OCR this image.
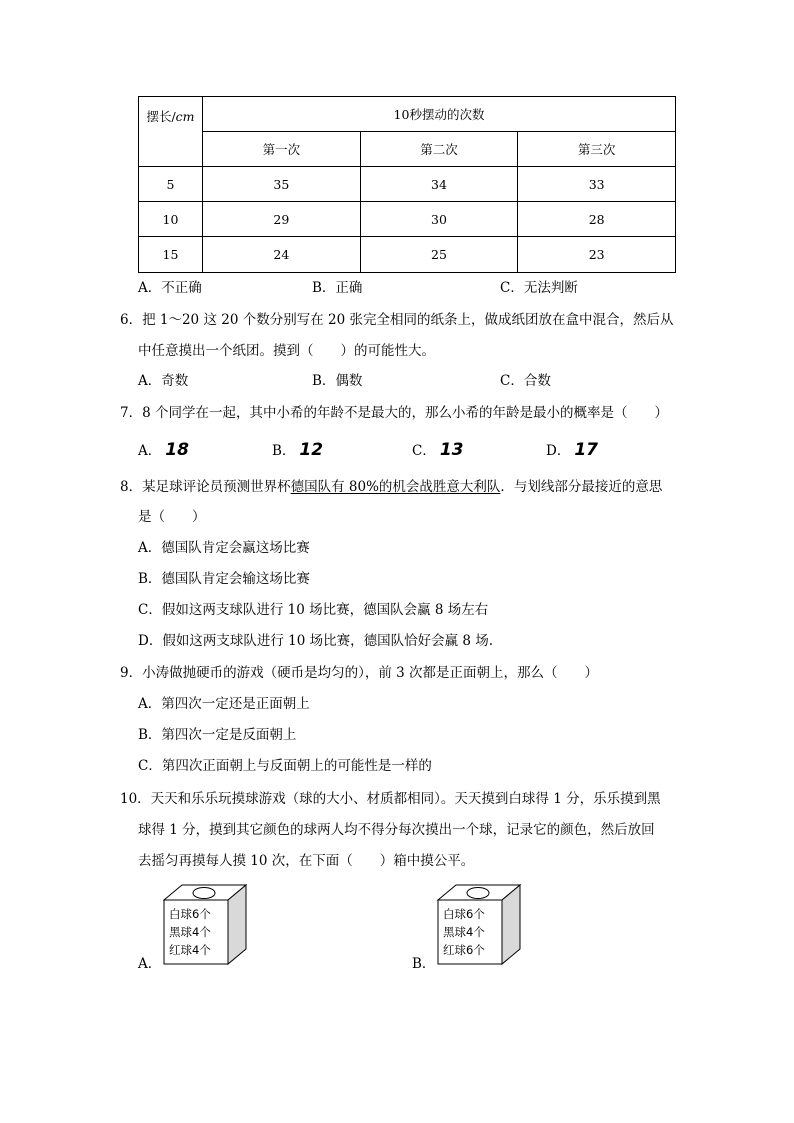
摆长/cm	10秒摆动的次数		
	第一次	第二次	第三次
5	35	34	33
10	29	30	28
15	24	25	23
A．不正确	B．正确	C．无法判断
6．把 1～20 这 20 个数分别写在 20 张完全相同的纸条上，做成纸团放在盒中混合，然后从
中任意摸出一个纸团。摸到（　　）的可能性大。
A．奇数	B．偶数	C．合数
7．8 个同学在一起，其中小希的年龄不是最大的，那么小希的年龄是最小的概率是（　　）
A． 18	B． 12	C． 13	D． 17
8．某足球评论员预测世界杯德国队有 80%的机会战胜意大利队．与划线部分最接近的意思
是（　　）
A．德国队肯定会赢这场比赛
B．德国队肯定会输这场比赛
C．假如这两支球队进行 10 场比赛，德国队会赢 8 场左右
D．假如这两支球队进行 10 场比赛，德国队恰好会赢 8 场.
9．小涛做抛硬币的游戏（硬币是均匀的），前 3 次都是正面朝上，那么（　　）
A．第四次一定还是正面朝上
B．第四次一定是反面朝上
C．第四次正面朝上与反面朝上的可能性是一样的
10．天天和乐乐玩摸球游戏（球的大小、材质都相同）。天天摸到白球得 1 分，乐乐摸到黑
球得 1 分，摸到其它颜色的球两人均不得分每次摸出一个球，记录它的颜色，然后放回
去摇匀再摸每人摸 10 次，在下面（　　）箱中摸公平。
A．
白球6个
黑球4个
红球4个
B．
白球6个
黑球4个
红球6个
